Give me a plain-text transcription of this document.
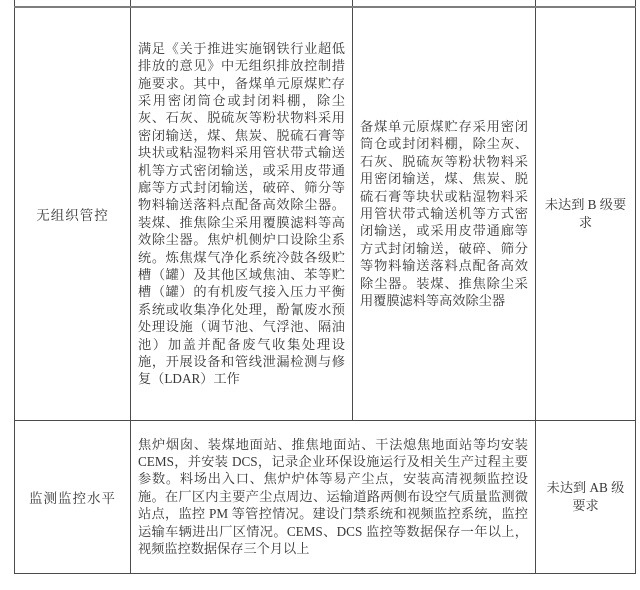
无组织管控	满足《关于推进实施钢铁行业超低排放的意见》中无组织排放控制措施要求。其中，备煤单元原煤贮存采用密闭筒仓或封闭料棚，除尘灰、石灰、脱硫灰等粉状物料采用密闭输送，煤、焦炭、脱硫石膏等块状或粘湿物料采用管状带式输送机等方式密闭输送，或采用皮带通廊等方式封闭输送，破碎、筛分等物料输送落料点配备高效除尘器。装煤、推焦除尘采用覆膜滤料等高效除尘器。焦炉机侧炉口设除尘系统。炼焦煤气净化系统冷鼓各级贮槽（罐）及其他区域焦油、苯等贮槽（罐）的有机废气接入压力平衡系统或收集净化处理，酚氰废水预处理设施（调节池、气浮池、隔油池）加盖并配备废气收集处理设施，开展设备和管线泄漏检测与修复（LDAR）工作	备煤单元原煤贮存采用密闭筒仓或封闭料棚，除尘灰、石灰、脱硫灰等粉状物料采用密闭输送，煤、焦炭、脱硫石膏等块状或粘湿物料采用管状带式输送机等方式密闭输送，或采用皮带通廊等方式封闭输送，破碎、筛分等物料输送落料点配备高效除尘器。装煤、推焦除尘采用覆膜滤料等高效除尘器	未达到 B 级要求
监测监控水平	焦炉烟囱、装煤地面站、推焦地面站、干法熄焦地面站等均安装 CEMS，并安装 DCS，记录企业环保设施运行及相关生产过程主要参数。料场出入口、焦炉炉体等易产尘点，安装高清视频监控设施。在厂区内主要产尘点周边、运输道路两侧布设空气质量监测微站点，监控 PM 等管控情况。建设门禁系统和视频监控系统，监控运输车辆进出厂区情况。CEMS、DCS 监控等数据保存一年以上，视频监控数据保存三个月以上		未达到 AB 级要求
